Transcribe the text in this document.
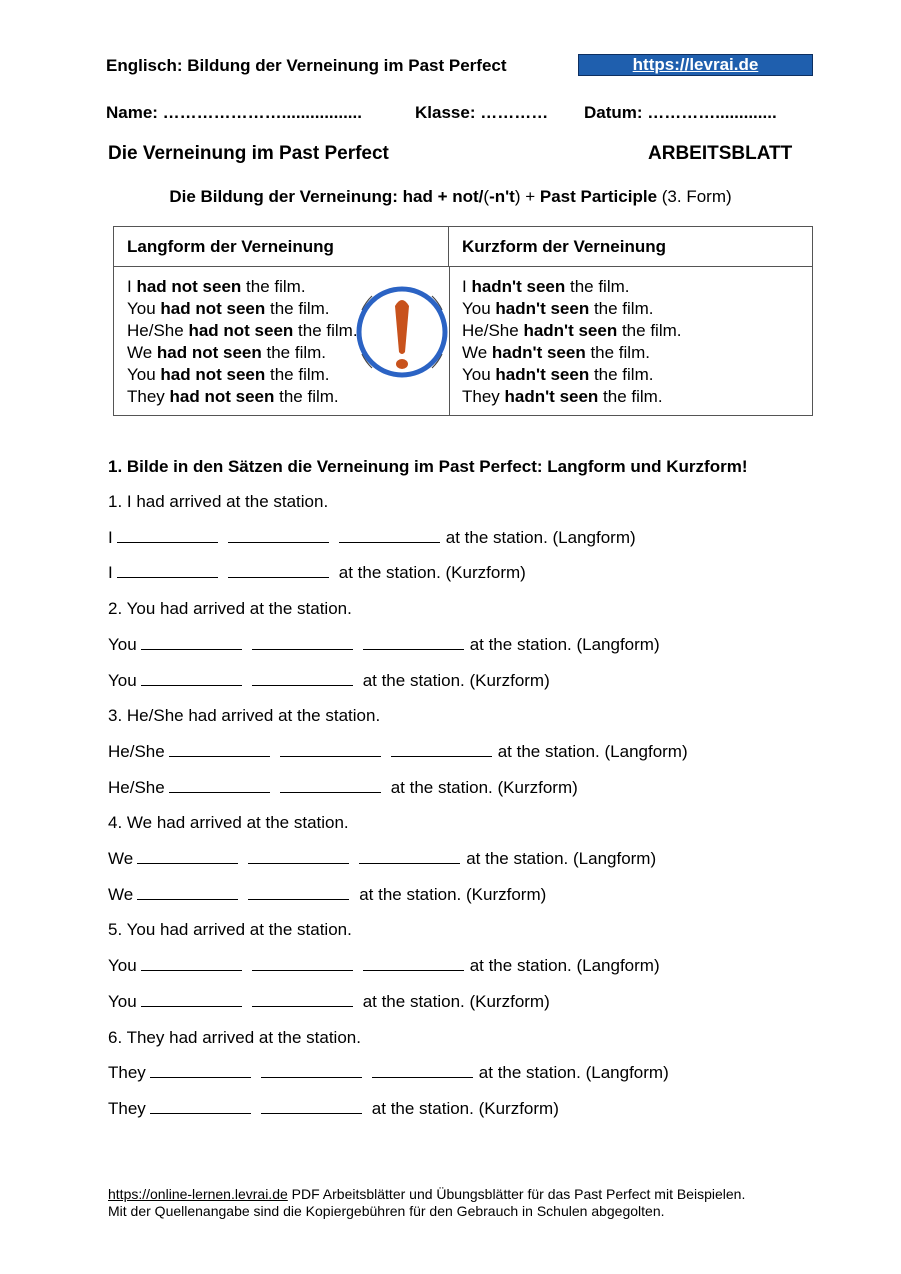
Englisch: Bildung der Verneinung im Past Perfect	https://levrai.de
Name: ………………….................	Klasse: ………… Datum: ………….............
Die Verneinung im Past Perfect	ARBEITSBLATT
Die Bildung der Verneinung: had + not/(-n't) + Past Participle (3. Form)
Langform der Verneinung	Kurzform der Verneinung
I had not seen the film.
You had not seen the film.
He/She had not seen the film.
We had not seen the film.
You had not seen the film.
They had not seen the film.
I hadn't seen the film.
You hadn't seen the film.
He/She hadn't seen the film.
We hadn't seen the film.
You hadn't seen the film.
They hadn't seen the film.
1. Bilde in den Sätzen die Verneinung im Past Perfect: Langform und Kurzform!
1. I had arrived at the station.
I	at the station. (Langform)
I	at the station. (Kurzform)
2. You had arrived at the station.
You	at the station. (Langform)
You	at the station. (Kurzform)
3. He/She had arrived at the station.
He/She	at the station. (Langform)
He/She	at the station. (Kurzform)
4. We had arrived at the station.
We	at the station. (Langform)
We	at the station. (Kurzform)
5. You had arrived at the station.
You	at the station. (Langform)
You	at the station. (Kurzform)
6. They had arrived at the station.
They	at the station. (Langform)
They	at the station. (Kurzform)
https://online-lernen.levrai.de PDF Arbeitsblätter und Übungsblätter für das Past Perfect mit Beispielen.
Mit der Quellenangabe sind die Kopiergebühren für den Gebrauch in Schulen abgegolten.
